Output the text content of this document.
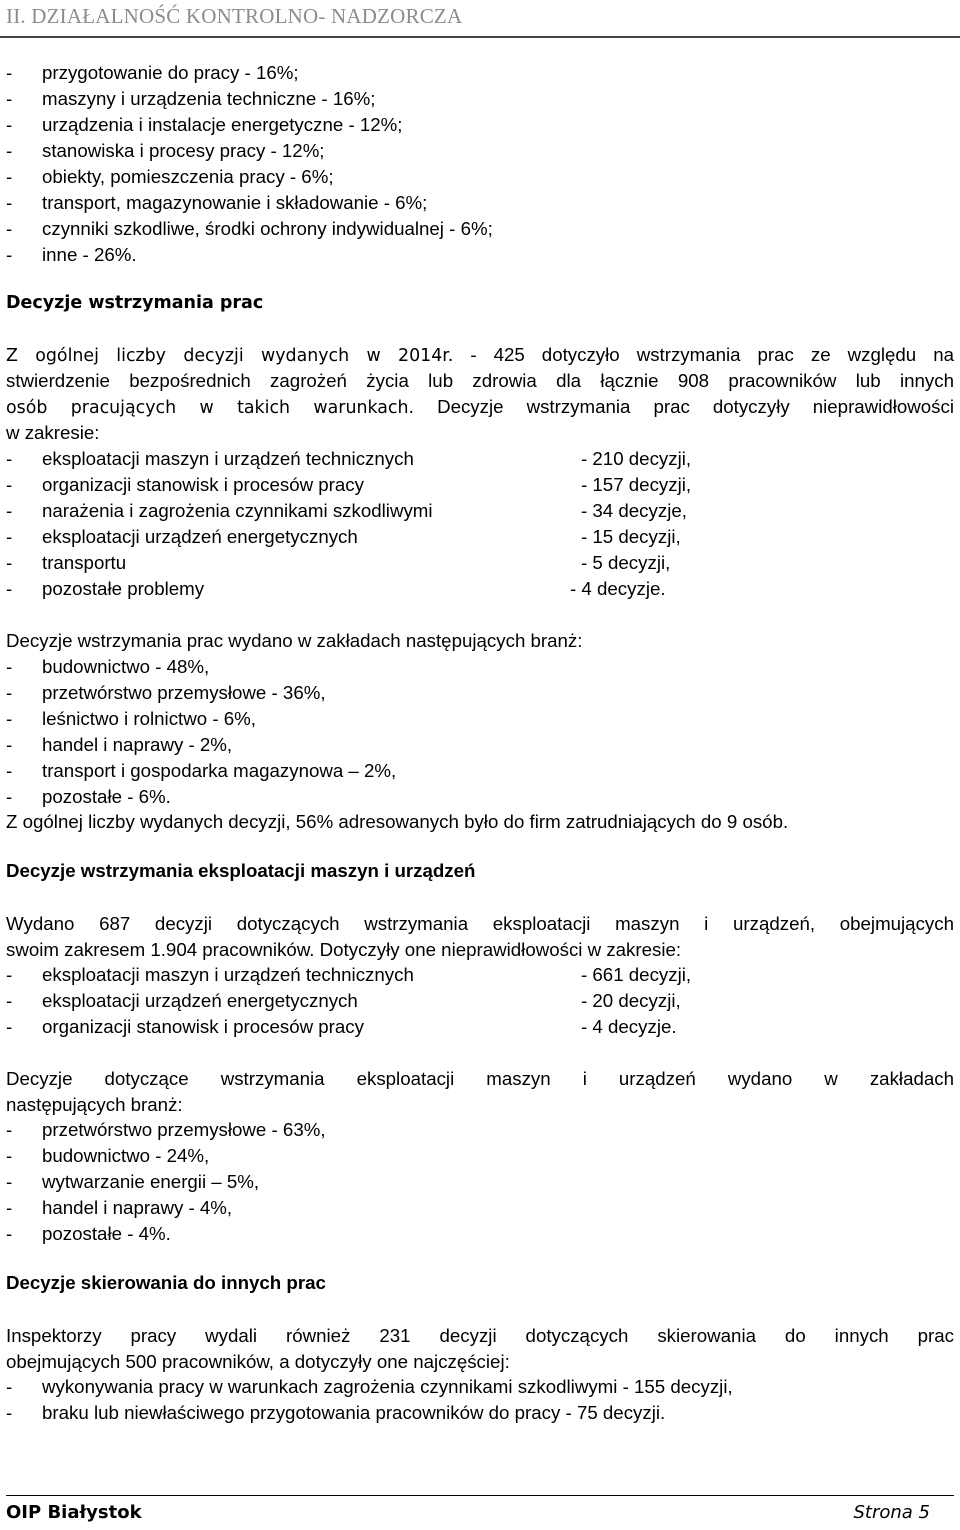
II. DZIAŁALNOŚĆ KONTROLNO- NADZORCZA
- przygotowanie do pracy - 16%;
- maszyny i urządzenia techniczne - 16%;
- urządzenia i instalacje energetyczne - 12%;
- stanowiska i procesy pracy - 12%;
- obiekty, pomieszczenia pracy - 6%;
- transport, magazynowanie i składowanie - 6%;
- czynniki szkodliwe, środki ochrony indywidualnej - 6%;
- inne - 26%.
Decyzje wstrzymania prac
Z ogólnej liczby decyzji wydanych w 2014r. - 425 dotyczyło wstrzymania prac ze względu na
stwierdzenie bezpośrednich zagrożeń życia lub zdrowia dla łącznie 908 pracowników lub innych
osób pracujących w takich warunkach. Decyzje wstrzymania prac dotyczyły nieprawidłowości
w zakresie:
- eksploatacji maszyn i urządzeń technicznych	- 210 decyzji,
- organizacji stanowisk i procesów pracy	- 157 decyzji,
- narażenia i zagrożenia czynnikami szkodliwymi	- 34 decyzje,
- eksploatacji urządzeń energetycznych	- 15 decyzji,
- transportu	- 5 decyzji,
- pozostałe problemy	- 4 decyzje.
Decyzje wstrzymania prac wydano w zakładach następujących branż:
- budownictwo - 48%,
- przetwórstwo przemysłowe - 36%,
- leśnictwo i rolnictwo - 6%,
- handel i naprawy - 2%,
- transport i gospodarka magazynowa – 2%,
- pozostałe - 6%.
Z ogólnej liczby wydanych decyzji, 56% adresowanych było do firm zatrudniających do 9 osób.
Decyzje wstrzymania eksploatacji maszyn i urządzeń
Wydano 687 decyzji dotyczących wstrzymania eksploatacji maszyn i urządzeń, obejmujących
swoim zakresem 1.904 pracowników. Dotyczyły one nieprawidłowości w zakresie:
- eksploatacji maszyn i urządzeń technicznych	- 661 decyzji,
- eksploatacji urządzeń energetycznych	- 20 decyzji,
- organizacji stanowisk i procesów pracy	- 4 decyzje.
Decyzje dotyczące wstrzymania eksploatacji maszyn i urządzeń wydano w zakładach
następujących branż:
- przetwórstwo przemysłowe - 63%,
- budownictwo - 24%,
- wytwarzanie energii – 5%,
- handel i naprawy - 4%,
- pozostałe - 4%.
Decyzje skierowania do innych prac
Inspektorzy pracy wydali również 231 decyzji dotyczących skierowania do innych prac
obejmujących 500 pracowników, a dotyczyły one najczęściej:
- wykonywania pracy w warunkach zagrożenia czynnikami szkodliwymi - 155 decyzji,
- braku lub niewłaściwego przygotowania pracowników do pracy - 75 decyzji.
OIP Białystok	Strona 5
